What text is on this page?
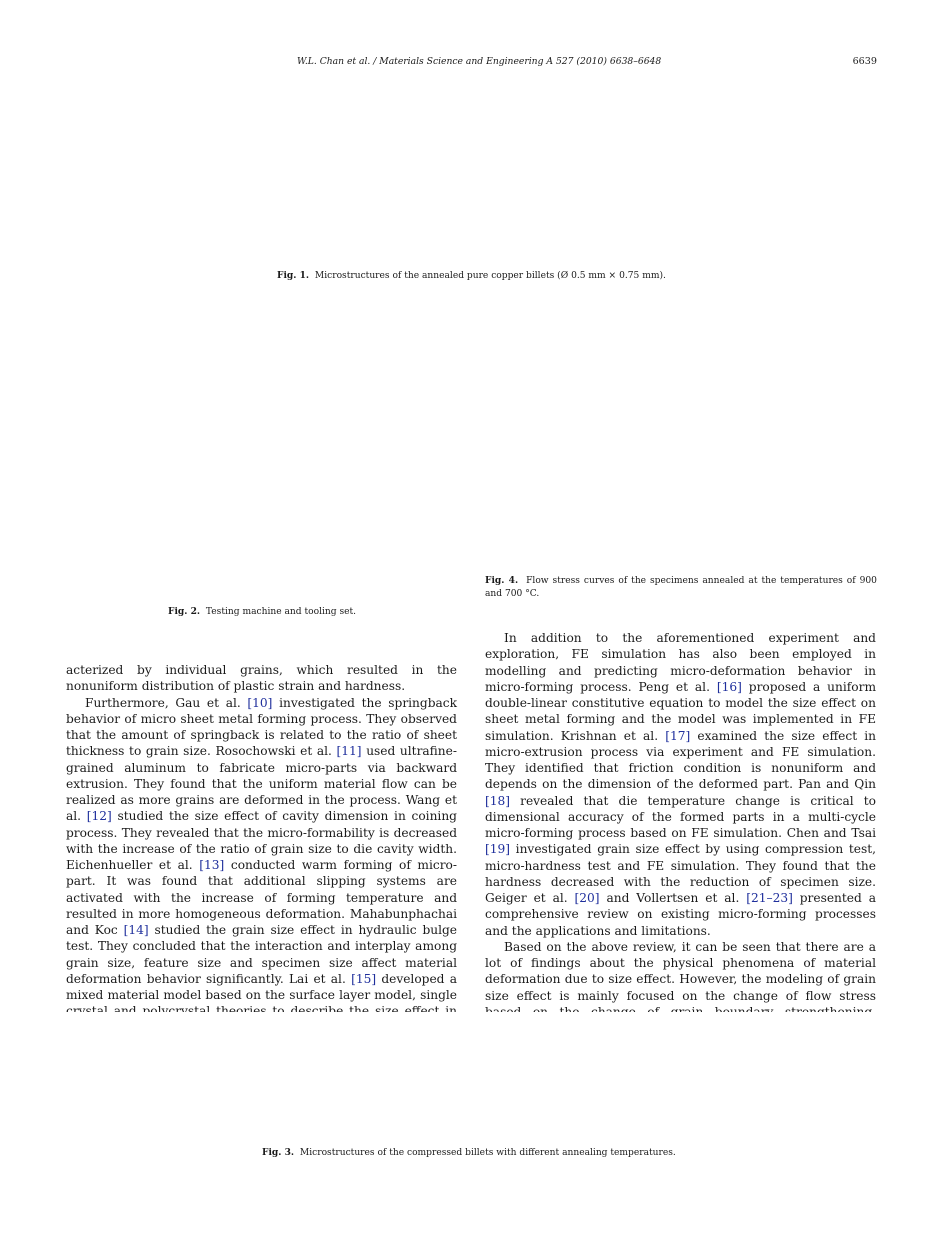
W.L. Chan et al. / Materials Science and Engineering A 527 (2010) 6638–6648	6639
Fig. 1. Microstructures of the annealed pure copper billets (Ø 0.5 mm × 0.75 mm).
Fig. 2. Testing machine and tooling set.
Fig. 4. Flow stress curves of the specimens annealed at the temperatures of 900 and 700 °C.

acterized by individual grains, which resulted in the nonuniform distribution of plastic strain and hardness.

Furthermore, Gau et al. [10] investigated the springback behavior of micro sheet metal forming process. They observed that the amount of springback is related to the ratio of sheet thickness to grain size. Rosochowski et al. [11] used ultrafine-grained aluminum to fabricate micro-parts via backward extrusion. They found that the uniform material flow can be realized as more grains are deformed in the process. Wang et al. [12] studied the size effect of cavity dimension in coining process. They revealed that the micro-formability is decreased with the increase of the ratio of grain size to die cavity width. Eichenhueller et al. [13] conducted warm forming of micro-part. It was found that additional slipping systems are activated with the increase of forming temperature and resulted in more homogeneous deformation. Mahabunphachai and Koc [14] studied the grain size effect in hydraulic bulge test. They concluded that the interaction and interplay among grain size, feature size and specimen size affect material deformation behavior significantly. Lai et al. [15] developed a mixed material model based on the surface layer model, single

In addition to the aforementioned experiment and exploration, FE simulation has also been employed in modelling and predicting micro-deformation behavior in micro-forming process. Peng et al. [16] proposed a uniform double-linear constitutive equation to model the size effect on sheet metal forming and the model was implemented in FE simulation. Krishnan et al. [17] examined the size effect in micro-extrusion process via experiment and FE simulation. They identified that friction condition is nonuniform and depends on the dimension of the deformed part. Pan and Qin [18] revealed that die temperature change is critical to dimensional accuracy of the formed parts in a multi-cycle micro-forming process based on FE simulation. Chen and Tsai [19] investigated grain size effect by using compression test, micro-hardness test and FE simulation. They found that the hardness decreased with the reduction of specimen size. Geiger et al. [20] and Vollertsen et al. [21–23] presented a comprehensive review on existing micro-forming processes and the applications and limitations.

Based on the above review, it can be seen that there are a lot of findings about the physical phenomena of material deformation due to size effect. However, the modeling of grain size effect is mainly focused on the change of flow stress

Fig. 3. Microstructures of the compressed billets with different annealing temperatures.
